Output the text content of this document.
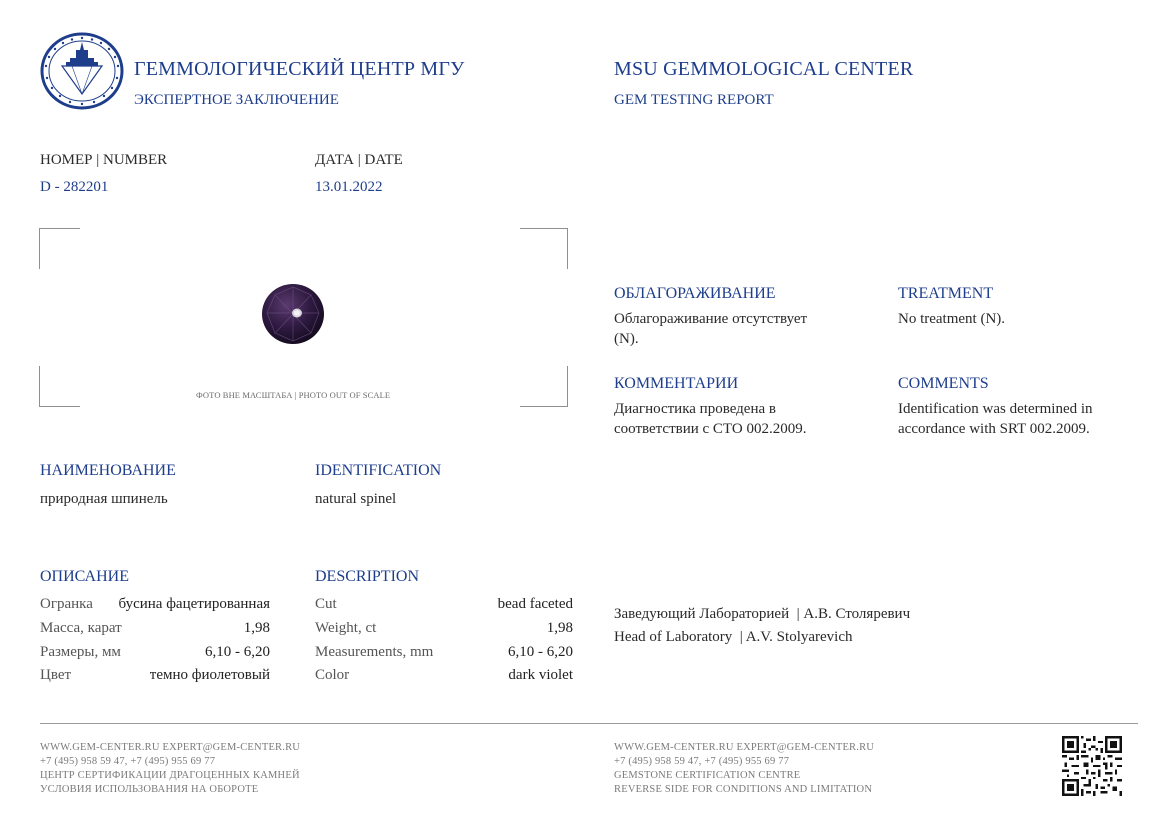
ГЕММОЛОГИЧЕСКИЙ ЦЕНТР МГУ
ЭКСПЕРТНОЕ ЗАКЛЮЧЕНИЕ
MSU GEMMOLOGICAL CENTER
GEM TESTING REPORT
НОМЕР | NUMBER
D - 282201
ДАТА | DATE
13.01.2022
ФОТО ВНЕ МАСШТАБА | PHOTO OUT OF SCALE
ОБЛАГОРАЖИВАНИЕ
Облагораживание отсутствует
(N).
TREATMENT
No treatment (N).
КОММЕНТАРИИ
Диагностика проведена в
соответствии с СТО 002.2009.
COMMENTS
Identification was determined in
accordance with SRT 002.2009.
НАИМЕНОВАНИЕ
природная шпинель
IDENTIFICATION
natural spinel
ОПИСАНИЕ	DESCRIPTION
Огранка бусина фацетированная
Масса, карат	1,98
Размеры, мм	6,10 - 6,20
Цвет	темно фиолетовый
Cut	bead faceted
Weight, ct	1,98
Measurements, mm	6,10 - 6,20
Color	dark violet
Заведующий Лабораторией  | А.В. Столяревич
Head of Laboratory  | A.V. Stolyarevich
WWW.GEM-CENTER.RU EXPERT@GEM-CENTER.RU
+7 (495) 958 59 47, +7 (495) 955 69 77
ЦЕНТР СЕРТИФИКАЦИИ ДРАГОЦЕННЫХ КАМНЕЙ
УСЛОВИЯ ИСПОЛЬЗОВАНИЯ НА ОБОРОТЕ
WWW.GEM-CENTER.RU EXPERT@GEM-CENTER.RU
+7 (495) 958 59 47, +7 (495) 955 69 77
GEMSTONE CERTIFICATION CENTRE
REVERSE SIDE FOR CONDITIONS AND LIMITATION
